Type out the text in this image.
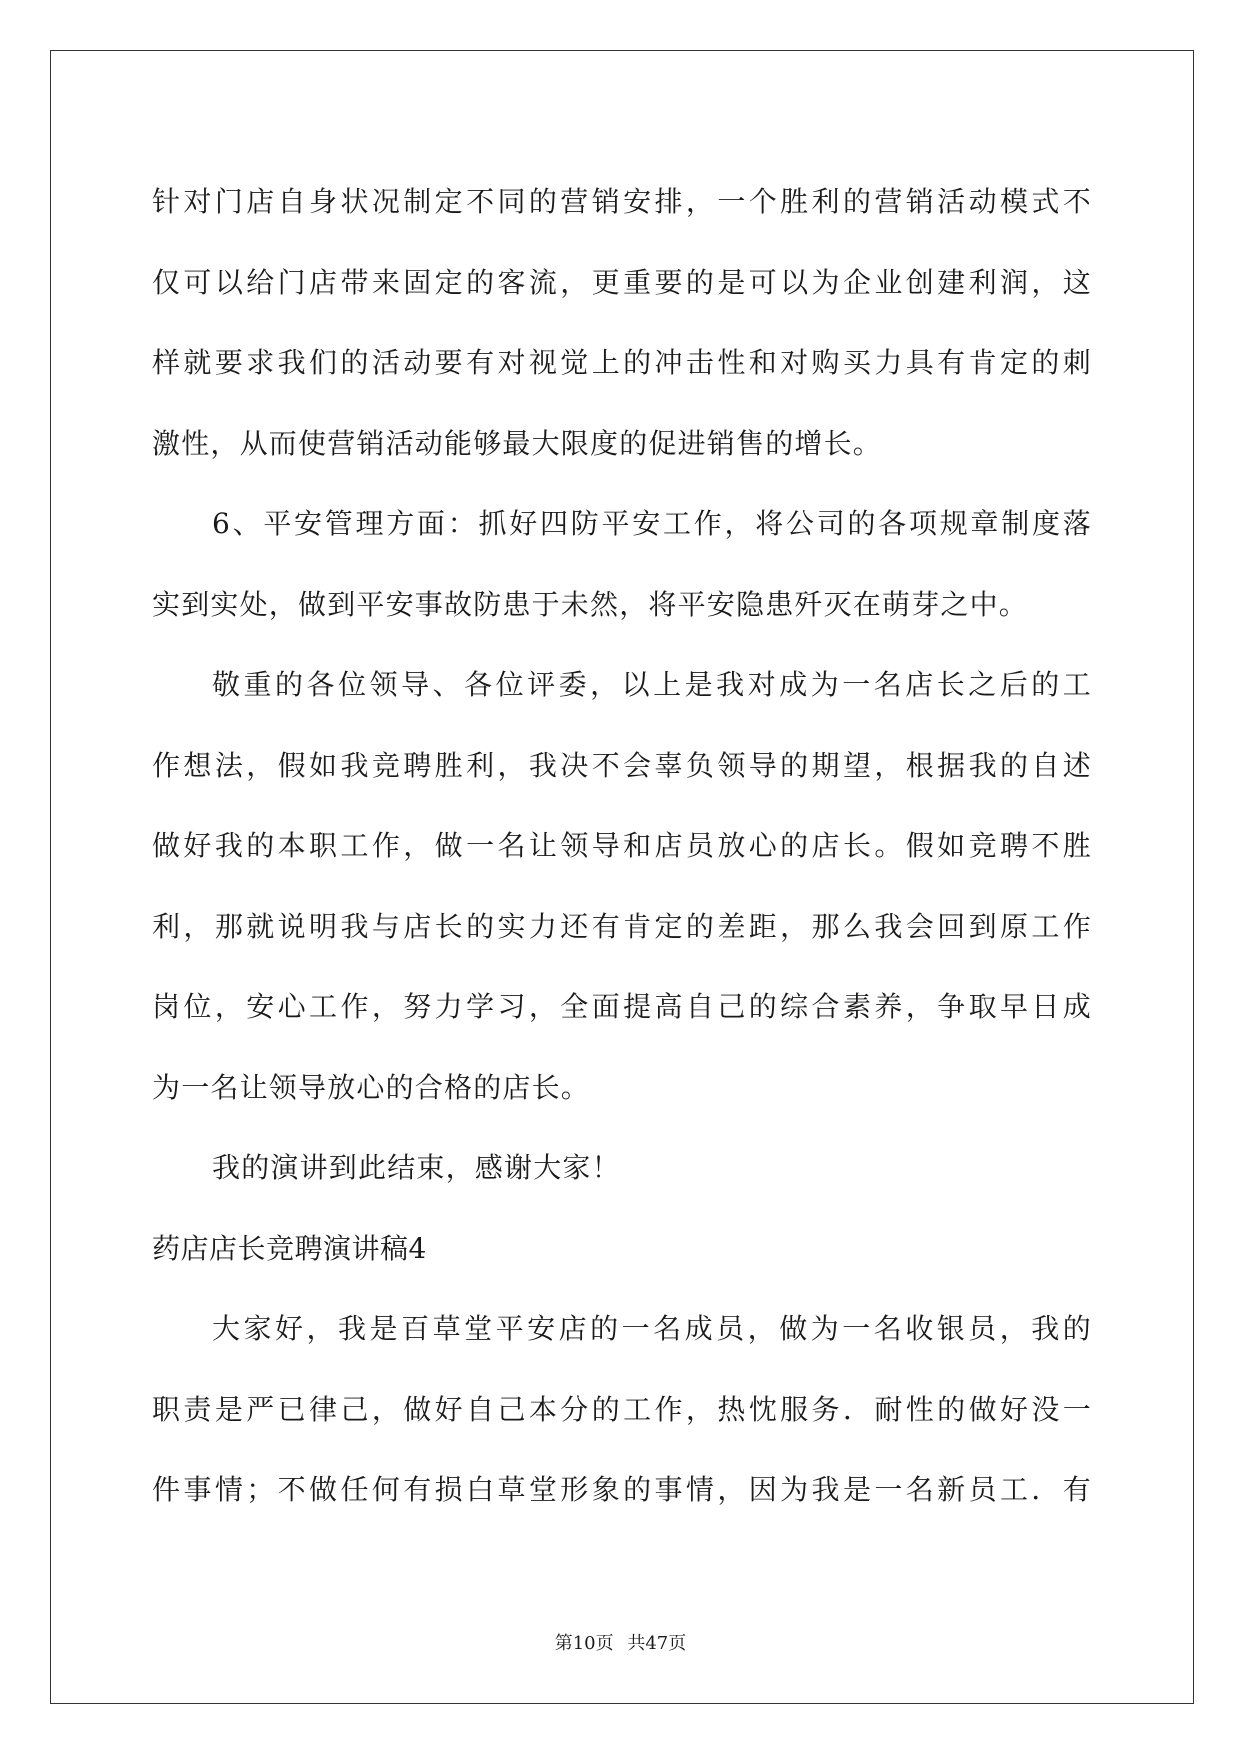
针对门店自身状况制定不同的营销安排，一个胜利的营销活动模式不
仅可以给门店带来固定的客流，更重要的是可以为企业创建利润，这
样就要求我们的活动要有对视觉上的冲击性和对购买力具有肯定的刺
激性，从而使营销活动能够最大限度的促进销售的增长。
6、平安管理方面：抓好四防平安工作，将公司的各项规章制度落
实到实处，做到平安事故防患于未然，将平安隐患歼灭在萌芽之中。
敬重的各位领导、各位评委，以上是我对成为一名店长之后的工
作想法，假如我竞聘胜利，我决不会辜负领导的期望，根据我的自述
做好我的本职工作，做一名让领导和店员放心的店长。假如竞聘不胜
利，那就说明我与店长的实力还有肯定的差距，那么我会回到原工作
岗位，安心工作，努力学习，全面提高自己的综合素养，争取早日成
为一名让领导放心的合格的店长。
我的演讲到此结束，感谢大家！
药店店长竞聘演讲稿4
大家好，我是百草堂平安店的一名成员，做为一名收银员，我的
职责是严已律己，做好自己本分的工作，热忱服务．耐性的做好没一
件事情；不做任何有损白草堂形象的事情，因为我是一名新员工．有
第10页 共47页
